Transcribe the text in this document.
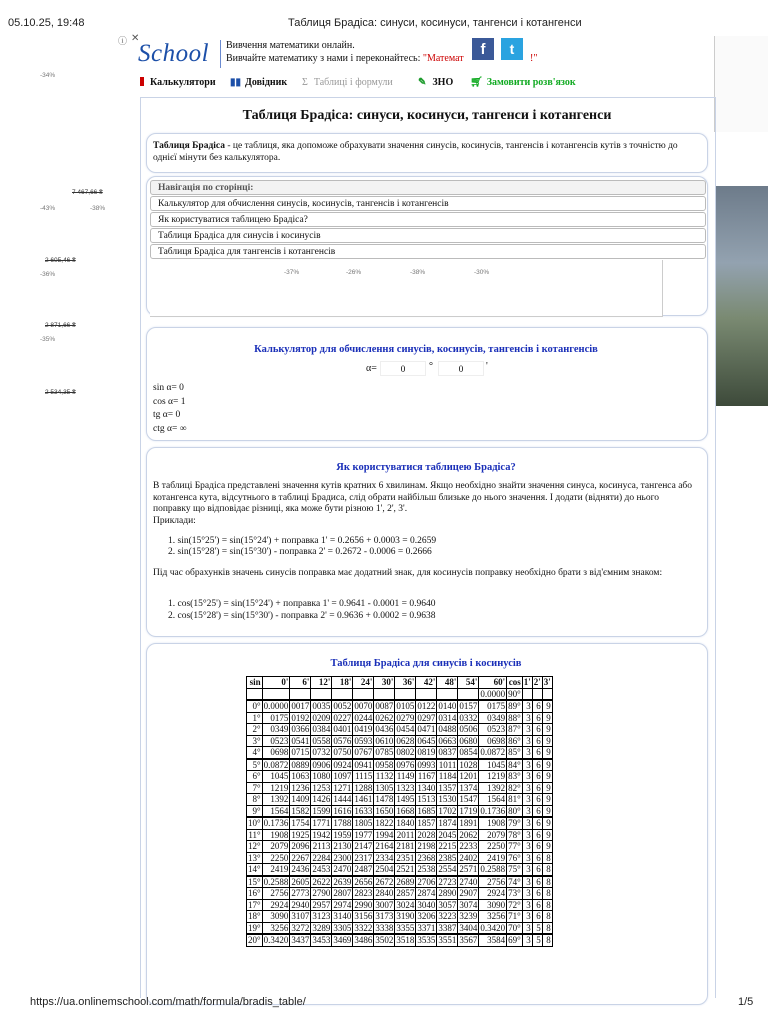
05.10.25, 19:48	Таблиця Брадіса: синуси, косинуси, тангенси і котангенси
-34%
7 467,66 ₴
-43%	-38%
2 605,46 ₴
-36%
2 871,66 ₴
-35%
2 534,35 ₴
ⓘ ✕
School Вивчення математики онлайн.
Вивчайте математику з нами і переконайтесь: "Математ	!"
f	t
Калькулятори ▮▮ Довідник Σ Таблиці і формули	✎ ЗНО 🛒︎ Замовити розв'язок
Таблиця Брадіса: синуси, косинуси, тангенси і котангенси
Таблиця Брадіса - це таблиця, яка допоможе обрахувати значення синусів, косинусів, тангенсів і котангенсів кутів з точністю до однієї мінути без калькулятора.
-37%	-26%	-38%	-30%
Навігація по сторінці:
Калькулятор для обчислення синусів, косинусів, тангенсів і котангенсів
Як користуватися таблицею Брадіса?
Таблиця Брадіса для синусів і косинусів
Таблиця Брадіса для тангенсів і котангенсів
Калькулятор для обчислення синусів, косинусів, тангенсів і котангенсів
α=
0	°
0	'
sin α= 0
cos α= 1
tg α= 0
ctg α= ∞
Як користуватися таблицею Брадіса?
В таблиці Брадіса представлені значення кутів кратних 6 хвилинам. Якщо необхідно знайти значення синуса, косинуса, тангенса або котангенса кута, відсутнього в таблиці Брадиса, слід обрати найбільш близьке до нього значення. І додати (відняти) до нього поправку що відповідає різниці, яка може бути різною 1', 2', 3'.
Приклади:
1. sin(15°25') = sin(15°24') + поправка 1' = 0.2656 + 0.0003 = 0.2659
2. sin(15°28') = sin(15°30') - поправка 2' = 0.2672 - 0.0006 = 0.2666
Під час обрахунків значень синусів поправка має додатний знак, для косинусів поправку необхідно брати з від'ємним знаком:
1. cos(15°25') = sin(15°24') + поправка 1' = 0.9641 - 0.0001 = 0.9640
2. cos(15°28') = sin(15°30') - поправка 2' = 0.9636 + 0.0002 = 0.9638
Таблиця Брадіса для синусів і косинусів
sin	0'	6'	12'	18'	24'	30'	36'	42'	48'	54'	60'	cos	1'	2'	3'
											0.0000	90°			
0°	0.0000	0017	0035	0052	0070	0087	0105	0122	0140	0157	0175	89°	3	6	9
1°	0175	0192	0209	0227	0244	0262	0279	0297	0314	0332	0349	88°	3	6	9
2°	0349	0366	0384	0401	0419	0436	0454	0471	0488	0506	0523	87°	3	6	9
3°	0523	0541	0558	0576	0593	0610	0628	0645	0663	0680	0698	86°	3	6	9
4°	0698	0715	0732	0750	0767	0785	0802	0819	0837	0854	0.0872	85°	3	6	9
5°	0.0872	0889	0906	0924	0941	0958	0976	0993	1011	1028	1045	84°	3	6	9
6°	1045	1063	1080	1097	1115	1132	1149	1167	1184	1201	1219	83°	3	6	9
7°	1219	1236	1253	1271	1288	1305	1323	1340	1357	1374	1392	82°	3	6	9
8°	1392	1409	1426	1444	1461	1478	1495	1513	1530	1547	1564	81°	3	6	9
9°	1564	1582	1599	1616	1633	1650	1668	1685	1702	1719	0.1736	80°	3	6	9
10°	0.1736	1754	1771	1788	1805	1822	1840	1857	1874	1891	1908	79°	3	6	9
11°	1908	1925	1942	1959	1977	1994	2011	2028	2045	2062	2079	78°	3	6	9
12°	2079	2096	2113	2130	2147	2164	2181	2198	2215	2233	2250	77°	3	6	9
13°	2250	2267	2284	2300	2317	2334	2351	2368	2385	2402	2419	76°	3	6	8
14°	2419	2436	2453	2470	2487	2504	2521	2538	2554	2571	0.2588	75°	3	6	8
15°	0.2588	2605	2622	2639	2656	2672	2689	2706	2723	2740	2756	74°	3	6	8
16°	2756	2773	2790	2807	2823	2840	2857	2874	2890	2907	2924	73°	3	6	8
17°	2924	2940	2957	2974	2990	3007	3024	3040	3057	3074	3090	72°	3	6	8
18°	3090	3107	3123	3140	3156	3173	3190	3206	3223	3239	3256	71°	3	6	8
19°	3256	3272	3289	3305	3322	3338	3355	3371	3387	3404	0.3420	70°	3	5	8
20°	0.3420	3437	3453	3469	3486	3502	3518	3535	3551	3567	3584	69°	3	5	8
https://ua.onlinemschool.com/math/formula/bradis_table/	1/5
